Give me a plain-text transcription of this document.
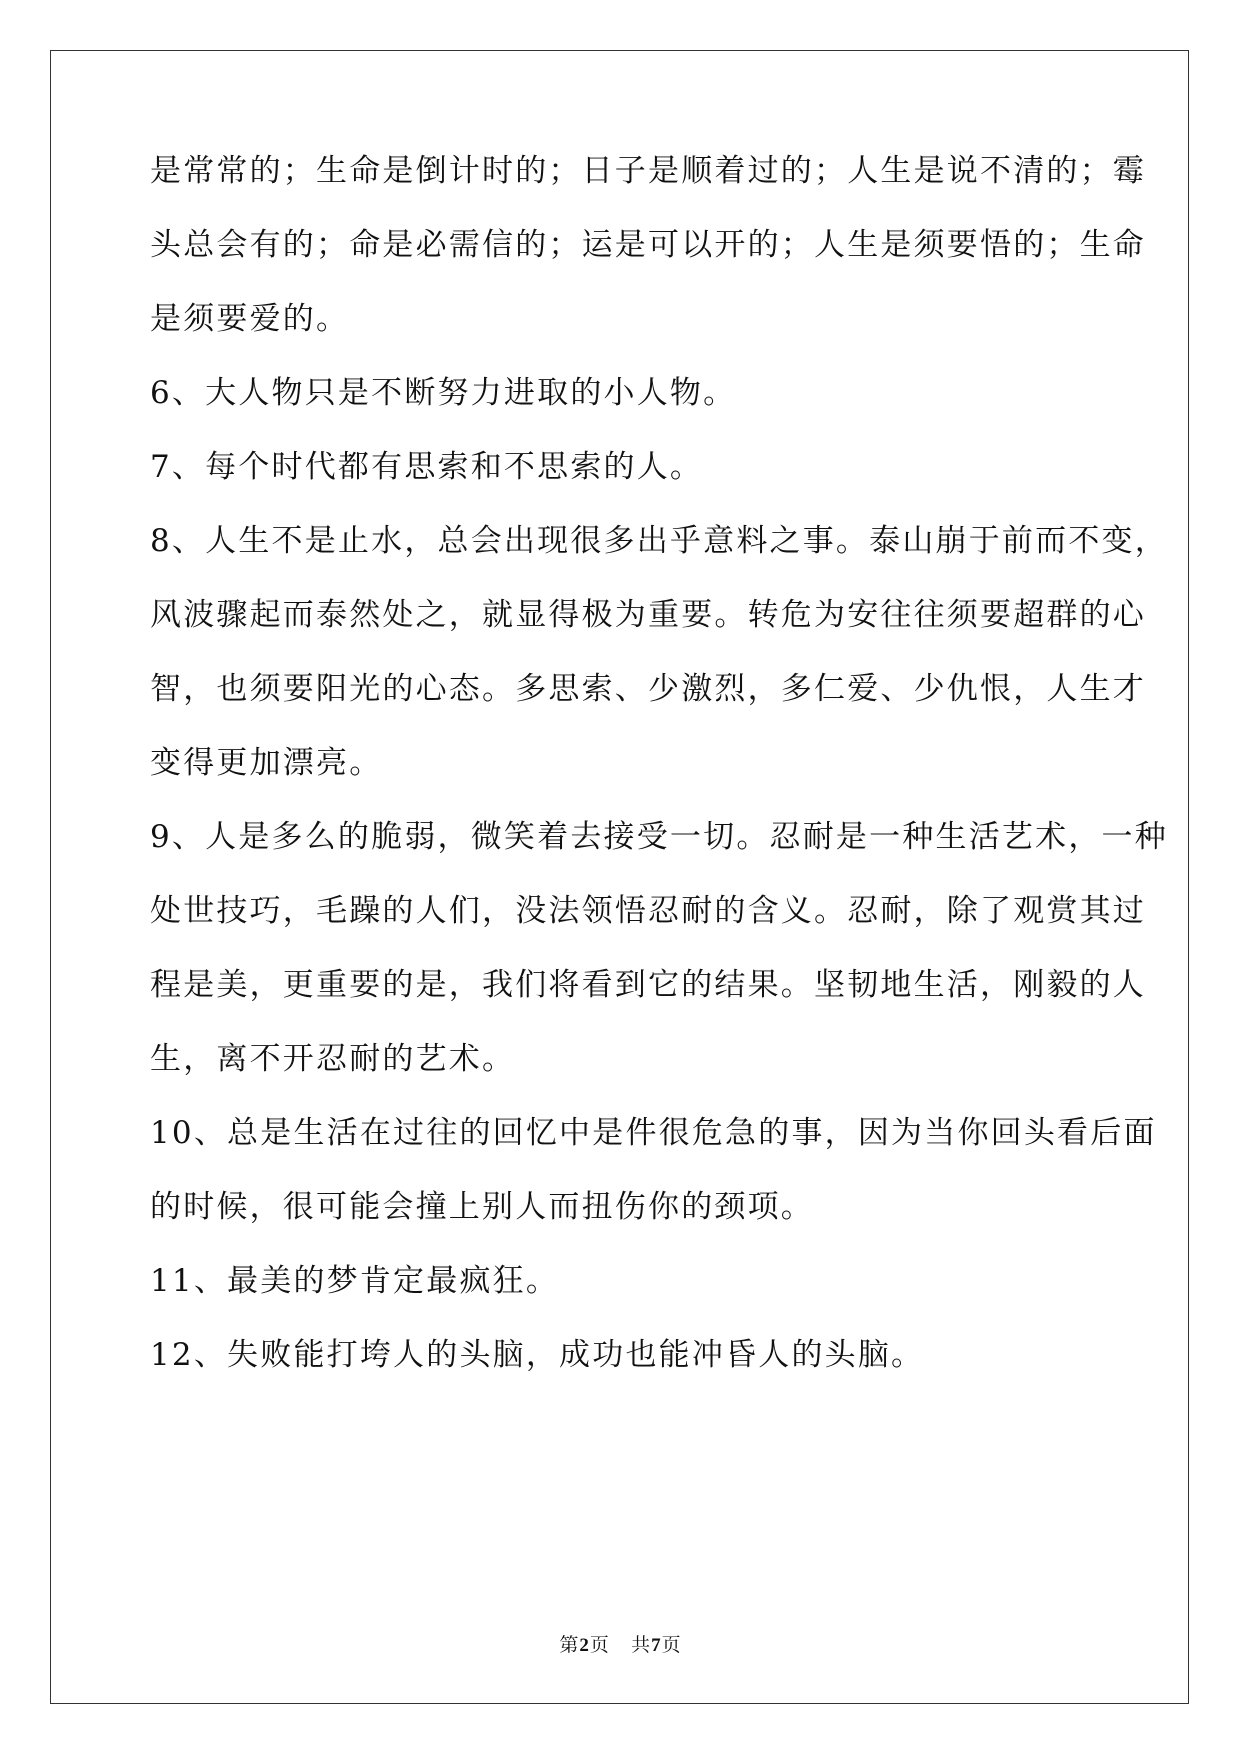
是常常的；生命是倒计时的；日子是顺着过的；人生是说不清的；霉
头总会有的；命是必需信的；运是可以开的；人生是须要悟的；生命
是须要爱的。
6、大人物只是不断努力进取的小人物。
7、每个时代都有思索和不思索的人。
8、人生不是止水，总会出现很多出乎意料之事。泰山崩于前而不变，
风波骤起而泰然处之，就显得极为重要。转危为安往往须要超群的心
智，也须要阳光的心态。多思索、少激烈，多仁爱、少仇恨，人生才
变得更加漂亮。
9、人是多么的脆弱，微笑着去接受一切。忍耐是一种生活艺术，一种
处世技巧，毛躁的人们，没法领悟忍耐的含义。忍耐，除了观赏其过
程是美，更重要的是，我们将看到它的结果。坚韧地生活，刚毅的人
生，离不开忍耐的艺术。
10、总是生活在过往的回忆中是件很危急的事，因为当你回头看后面
的时候，很可能会撞上别人而扭伤你的颈项。
11、最美的梦肯定最疯狂。
12、失败能打垮人的头脑，成功也能冲昏人的头脑。
第2页 共7页
